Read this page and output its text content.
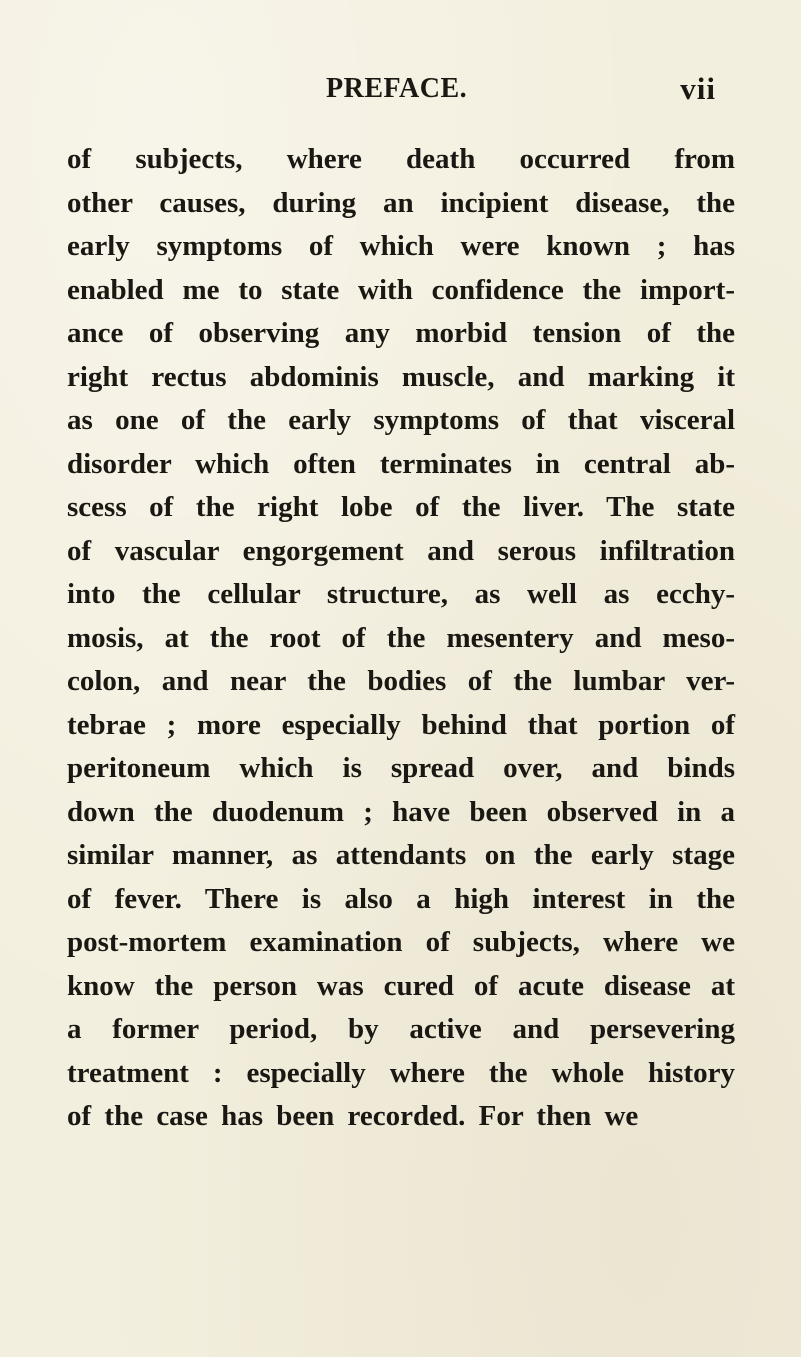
PREFACE.	vii
of subjects, where death occurred from
other causes, during an incipient disease, the
early symptoms of which were known ; has
enabled me to state with confidence the import-
ance of observing any morbid tension of the
right rectus abdominis muscle, and marking it
as one of the early symptoms of that visceral
disorder which often terminates in central ab-
scess of the right lobe of the liver. The state
of vascular engorgement and serous infiltration
into the cellular structure, as well as ecchy-
mosis, at the root of the mesentery and meso-
colon, and near the bodies of the lumbar ver-
tebrae ; more especially behind that portion of
peritoneum which is spread over, and binds
down the duodenum ; have been observed in a
similar manner, as attendants on the early stage
of fever. There is also a high interest in the
post-mortem examination of subjects, where we
know the person was cured of acute disease at
a former period, by active and persevering
treatment : especially where the whole history
of the case has been recorded. For then we
